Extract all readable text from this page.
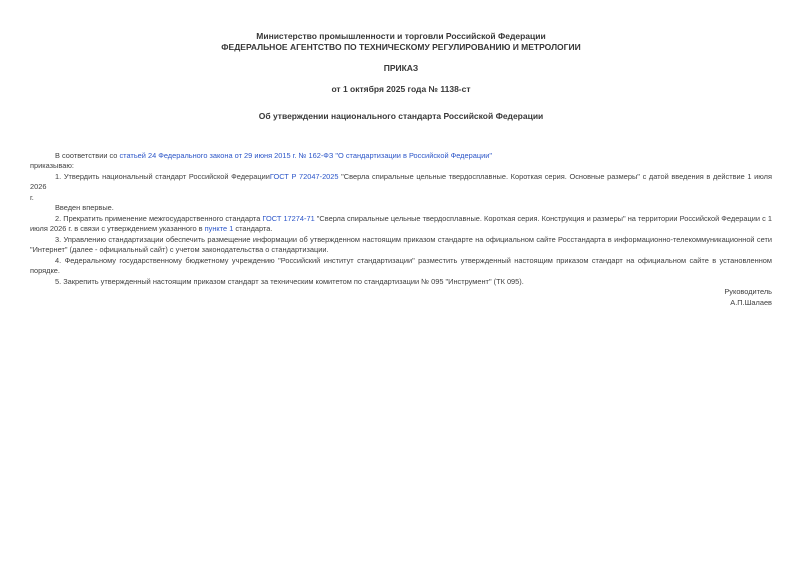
Министерство промышленности и торговли Российской Федерации
ФЕДЕРАЛЬНОЕ АГЕНТСТВО ПО ТЕХНИЧЕСКОМУ РЕГУЛИРОВАНИЮ И МЕТРОЛОГИИ
ПРИКАЗ
от 1 октября 2025 года № 1138-ст
Об утверждении национального стандарта Российской Федерации
В соответствии со статьей 24 Федерального закона от 29 июня 2015 г. № 162-ФЗ "О стандартизации в Российской Федерации"
приказываю:
1. Утвердить национальный стандарт Российской ФедерацииГОСТ Р 72047-2025 "Сверла спиральные цельные твердосплавные. Короткая серия. Основные размеры" с датой введения в действие 1 июля 2026
г.
Введен впервые.
2. Прекратить применение межгосударственного стандарта ГОСТ 17274-71 "Сверла спиральные цельные твердосплавные. Короткая серия. Конструкция и размеры" на территории Российской Федерации с 1 июля 2026 г. в связи с утверждением указанного в пункте 1 стандарта.
3. Управлению стандартизации обеспечить размещение информации об утвержденном настоящим приказом стандарте на официальном сайте Росстандарта в информационно-телекоммуникационной сети "Интернет" (далее - официальный сайт) с учетом законодательства о стандартизации.
4. Федеральному государственному бюджетному учреждению "Российский институт стандартизации" разместить утвержденный настоящим приказом стандарт на официальном сайте в установленном порядке.
5. Закрепить утвержденный настоящим приказом стандарт за техническим комитетом по стандартизации № 095 "Инструмент" (ТК 095).
Руководитель
А.П.Шалаев
